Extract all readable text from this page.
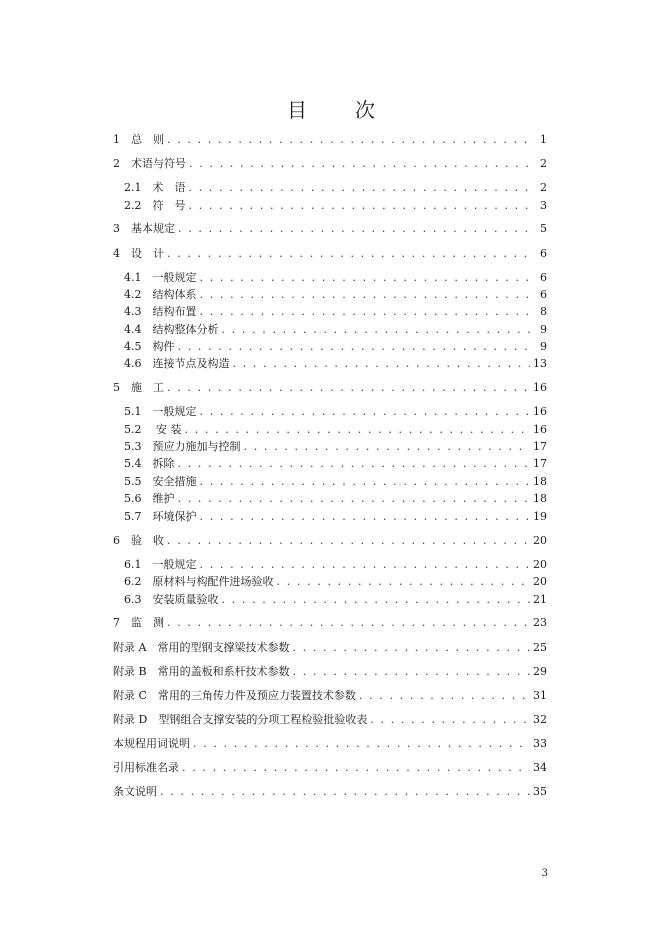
目　次
1　总　则 . . .	1
2　术语与符号 . . .	2
2.1　术　语 . . .	2
2.2　符　号 . . .	3
3　基本规定 . . .	5
4　设　计 . . .	6
4.1　一般规定 . . .	6
4.2　结构体系 . . .	6
4.3　结构布置 . . .	8
4.4　结构整体分析 . . .	9
4.5　构件 . . .	9
4.6　连接节点及构造 . . .	13
5　施　工 . . .	16
5.1　一般规定 . . .	16
5.2　 安 装 . . .	16
5.3　预应力施加与控制 . . .	17
5.4　拆除 . . .	17
5.5　安全措施 . . .	18
5.6　维护 . . .	18
5.7　环境保护 . . .	19
6　验　收 . . .	20
6.1　一般规定 . . .	20
6.2　原材料与构配件进场验收 . . .	20
6.3　安装质量验收 . . .	21
7　监　测 . . .	23
附录 A　常用的型钢支撑梁技术参数 . . .	25
附录 B　常用的盖板和系杆技术参数 . . .	29
附录 C　常用的三角传力件及预应力装置技术参数 . . .	31
附录 D　型钢组合支撑安装的分项工程检验批验收表 . . .	32
本规程用词说明 . . .	33
引用标准名录 . . .	34
条文说明 . . .	35
3
